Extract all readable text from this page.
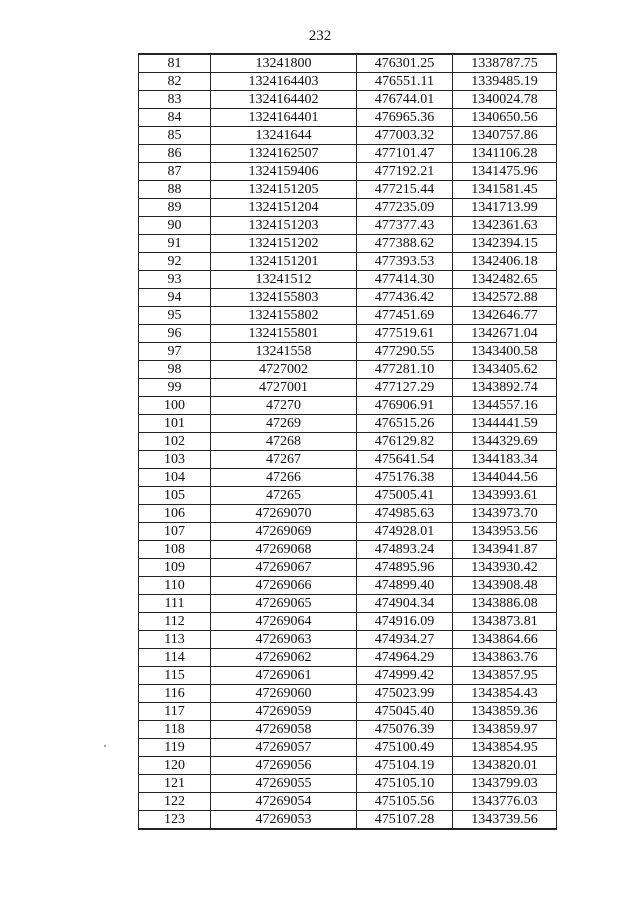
232
81	13241800	476301.25	1338787.75
82	1324164403	476551.11	1339485.19
83	1324164402	476744.01	1340024.78
84	1324164401	476965.36	1340650.56
85	13241644	477003.32	1340757.86
86	1324162507	477101.47	1341106.28
87	1324159406	477192.21	1341475.96
88	1324151205	477215.44	1341581.45
89	1324151204	477235.09	1341713.99
90	1324151203	477377.43	1342361.63
91	1324151202	477388.62	1342394.15
92	1324151201	477393.53	1342406.18
93	13241512	477414.30	1342482.65
94	1324155803	477436.42	1342572.88
95	1324155802	477451.69	1342646.77
96	1324155801	477519.61	1342671.04
97	13241558	477290.55	1343400.58
98	4727002	477281.10	1343405.62
99	4727001	477127.29	1343892.74
100	47270	476906.91	1344557.16
101	47269	476515.26	1344441.59
102	47268	476129.82	1344329.69
103	47267	475641.54	1344183.34
104	47266	475176.38	1344044.56
105	47265	475005.41	1343993.61
106	47269070	474985.63	1343973.70
107	47269069	474928.01	1343953.56
108	47269068	474893.24	1343941.87
109	47269067	474895.96	1343930.42
110	47269066	474899.40	1343908.48
111	47269065	474904.34	1343886.08
112	47269064	474916.09	1343873.81
113	47269063	474934.27	1343864.66
114	47269062	474964.29	1343863.76
115	47269061	474999.42	1343857.95
116	47269060	475023.99	1343854.43
117	47269059	475045.40	1343859.36
118	47269058	475076.39	1343859.97
119	47269057	475100.49	1343854.95
120	47269056	475104.19	1343820.01
121	47269055	475105.10	1343799.03
122	47269054	475105.56	1343776.03
123	47269053	475107.28	1343739.56
